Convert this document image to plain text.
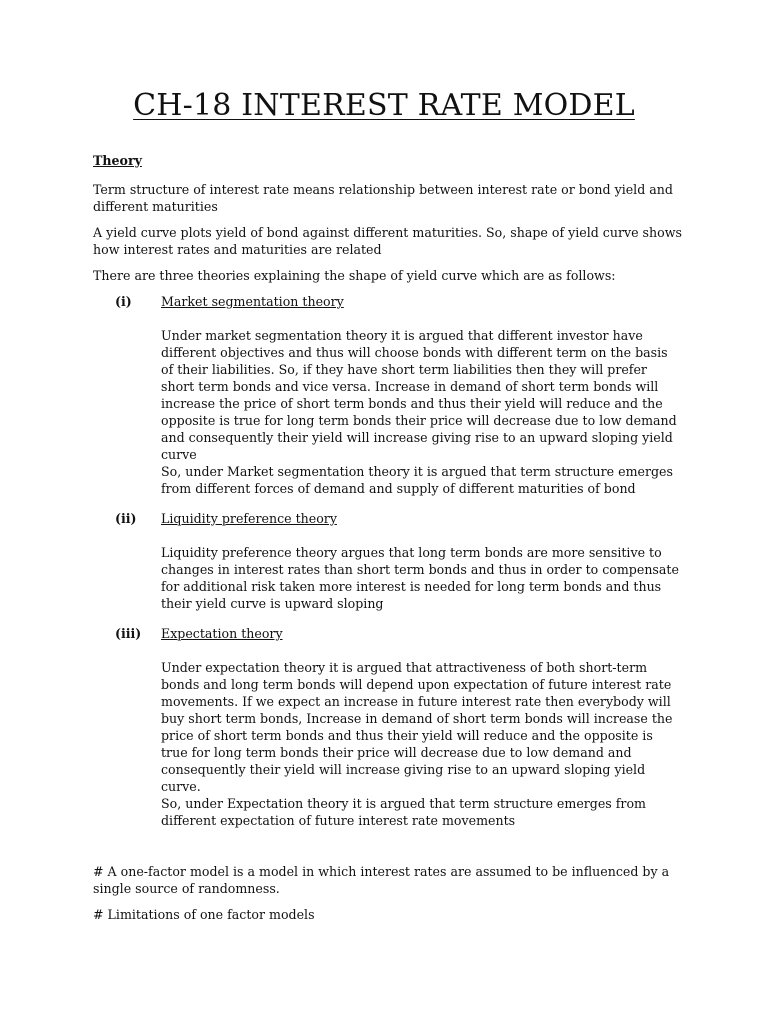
CH-18 INTEREST RATE MODEL

Theory

Term structure of interest rate means relationship between interest rate or bond yield and different maturities

A yield curve plots yield of bond against different maturities. So, shape of yield curve shows how interest rates and maturities are related

There are three theories explaining the shape of yield curve which are as follows:

(i)	Market segmentation theory

Under market segmentation theory it is argued that different investor have different objectives and thus will choose bonds with different term on the basis of their liabilities. So, if they have short term liabilities then they will prefer short term bonds and vice versa. Increase in demand of short term bonds will increase the price of short term bonds and thus their yield will reduce and the opposite is true for long term bonds their price will decrease due to low demand and consequently their yield will increase giving rise to an upward sloping yield curve

So, under Market segmentation theory it is argued that term structure emerges from different forces of demand and supply of different maturities of bond

(ii)	Liquidity preference theory

Liquidity preference theory argues that long term bonds are more sensitive to changes in interest rates than short term bonds and thus in order to compensate for additional risk taken more interest is needed for long term bonds and thus their yield curve is upward sloping

(iii)	Expectation theory

Under expectation theory it is argued that attractiveness of both short-term bonds and long term bonds will depend upon expectation of future interest rate movements. If we expect an increase in future interest rate then everybody will buy short term bonds, Increase in demand of short term bonds will increase the price of short term bonds and thus their yield will reduce and the opposite is true for long term bonds their price will decrease due to low demand and consequently their yield will increase giving rise to an upward sloping yield curve.

So, under Expectation theory it is argued that term structure emerges from different expectation of future interest rate movements

# A one-factor model is a model in which interest rates are assumed to be influenced by a single source of randomness.

# Limitations of one factor models
